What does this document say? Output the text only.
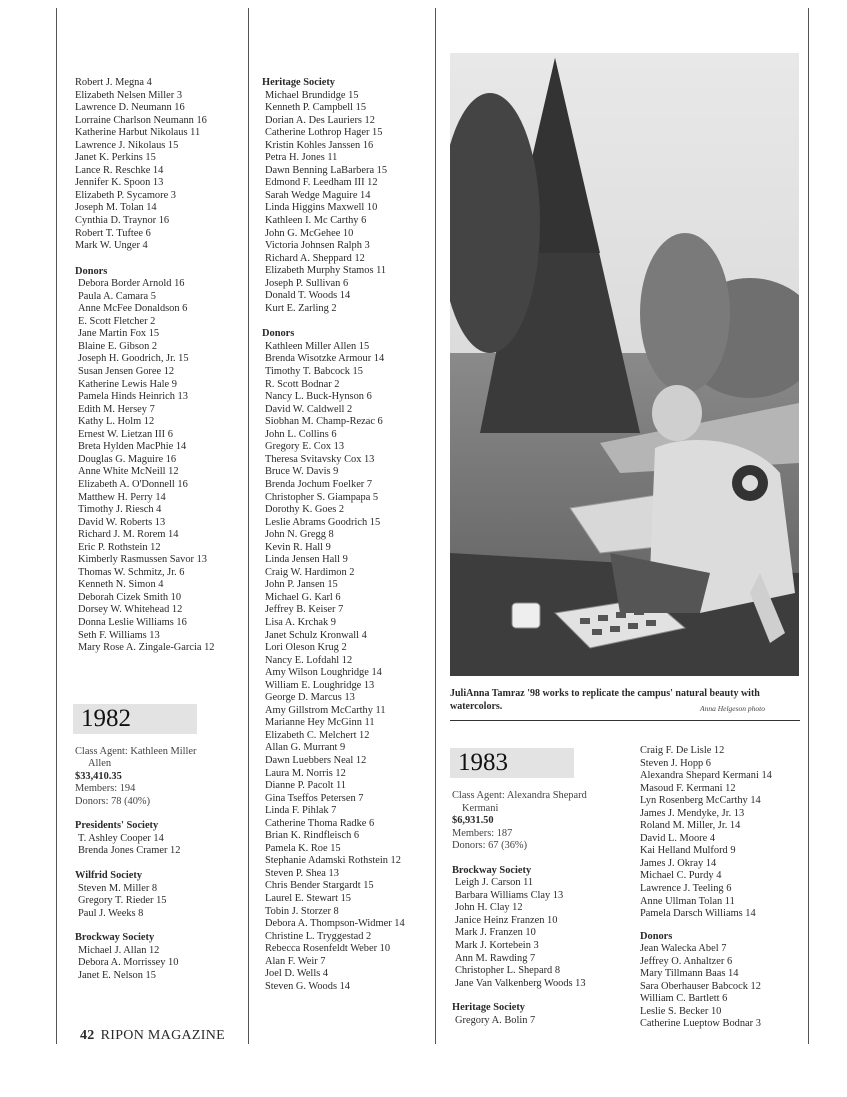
Robert J. Megna 4
Elizabeth Nelsen Miller 3
Lawrence D. Neumann 16
Lorraine Charlson Neumann 16
Katherine Harbut Nikolaus 11
Lawrence J. Nikolaus 15
Janet K. Perkins 15
Lance R. Reschke 14
Jennifer K. Spoon 13
Elizabeth P. Sycamore 3
Joseph M. Tolan 14
Cynthia D. Traynor 16
Robert T. Tuftee 6
Mark W. Unger 4
Donors
Debora Border Arnold 16
Paula A. Camara 5
Anne McFee Donaldson 6
E. Scott Fletcher 2
Jane Martin Fox 15
Blaine E. Gibson 2
Joseph H. Goodrich, Jr. 15
Susan Jensen Goree 12
Katherine Lewis Hale 9
Pamela Hinds Heinrich 13
Edith M. Hersey 7
Kathy L. Holm 12
Ernest W. Lietzan III 6
Breta Hylden MacPhie 14
Douglas G. Maguire 16
Anne White McNeill 12
Elizabeth A. O'Donnell 16
Matthew H. Perry 14
Timothy J. Riesch 4
David W. Roberts 13
Richard J. M. Rorem 14
Eric P. Rothstein 12
Kimberly Rasmussen Savor 13
Thomas W. Schmitz, Jr. 6
Kenneth N. Simon 4
Deborah Cizek Smith 10
Dorsey W. Whitehead 12
Donna Leslie Williams 16
Seth F. Williams 13
Mary Rose A. Zingale-Garcia 12
1982
Class Agent: Kathleen Miller
Allen
$33,410.35
Members: 194
Donors: 78 (40%)
Presidents' Society
T. Ashley Cooper 14
Brenda Jones Cramer 12
Wilfrid Society
Steven M. Miller 8
Gregory T. Rieder 15
Paul J. Weeks 8
Brockway Society
Michael J. Allan 12
Debora A. Morrissey 10
Janet E. Nelson 15
Heritage Society
Michael Brundidge 15
Kenneth P. Campbell 15
Dorian A. Des Lauriers 12
Catherine Lothrop Hager 15
Kristin Kohles Janssen 16
Petra H. Jones 11
Dawn Benning LaBarbera 15
Edmond F. Leedham III 12
Sarah Wedge Maguire 14
Linda Higgins Maxwell 10
Kathleen I. Mc Carthy 6
John G. McGehee 10
Victoria Johnsen Ralph 3
Richard A. Sheppard 12
Elizabeth Murphy Stamos 11
Joseph P. Sullivan 6
Donald T. Woods 14
Kurt E. Zarling 2
Donors
Kathleen Miller Allen 15
Brenda Wisotzke Armour 14
Timothy T. Babcock 15
R. Scott Bodnar 2
Nancy L. Buck-Hynson 6
David W. Caldwell 2
Siobhan M. Champ-Rezac 6
John L. Collins 6
Gregory E. Cox 13
Theresa Svitavsky Cox 13
Bruce W. Davis 9
Brenda Jochum Foelker 7
Christopher S. Giampapa 5
Dorothy K. Goes 2
Leslie Abrams Goodrich 15
John N. Gregg 8
Kevin R. Hall 9
Linda Jensen Hall 9
Craig W. Hardimon 2
John P. Jansen 15
Michael G. Karl 6
Jeffrey B. Keiser 7
Lisa A. Krchak 9
Janet Schulz Kronwall 4
Lori Oleson Krug 2
Nancy E. Lofdahl 12
Amy Wilson Loughridge 14
William E. Loughridge 13
George D. Marcus 13
Amy Gillstrom McCarthy 11
Marianne Hey McGinn 11
Elizabeth C. Melchert 12
Allan G. Murrant 9
Dawn Luebbers Neal 12
Laura M. Norris 12
Dianne P. Pacolt 11
Gina Tseffos Petersen 7
Linda F. Pihlak 7
Catherine Thoma Radke 6
Brian K. Rindfleisch 6
Pamela K. Roe 15
Stephanie Adamski Rothstein 12
Steven P. Shea 13
Chris Bender Stargardt 15
Laurel E. Stewart 15
Tobin J. Storzer 8
Debora A. Thompson-Widmer 14
Christine L. Tryggestad 2
Rebecca Rosenfeldt Weber 10
Alan F. Weir 7
Joel D. Wells 4
Steven G. Woods 14
JuliAnna Tamraz '98 works to replicate the campus' natural beauty with watercolors.	Anna Helgeson photo
1983
Class Agent: Alexandra Shepard
Kermani
$6,931.50
Members: 187
Donors: 67 (36%)
Brockway Society
Leigh J. Carson 11
Barbara Williams Clay 13
John H. Clay 12
Janice Heinz Franzen 10
Mark J. Franzen 10
Mark J. Kortebein 3
Ann M. Rawding 7
Christopher L. Shepard 8
Jane Van Valkenberg Woods 13
Heritage Society
Gregory A. Bolin 7
Craig F. De Lisle 12
Steven J. Hopp 6
Alexandra Shepard Kermani 14
Masoud F. Kermani 12
Lyn Rosenberg McCarthy 14
James J. Mendyke, Jr. 13
Roland M. Miller, Jr. 14
David L. Moore 4
Kai Helland Mulford 9
James J. Okray 14
Michael C. Purdy 4
Lawrence J. Teeling 6
Anne Ullman Tolan 11
Pamela Darsch Williams 14
Donors
Jean Walecka Abel 7
Jeffrey O. Anhaltzer 6
Mary Tillmann Baas 14
Sara Oberhauser Babcock 12
William C. Bartlett 6
Leslie S. Becker 10
Catherine Lueptow Bodnar 3
42 RIPON MAGAZINE
